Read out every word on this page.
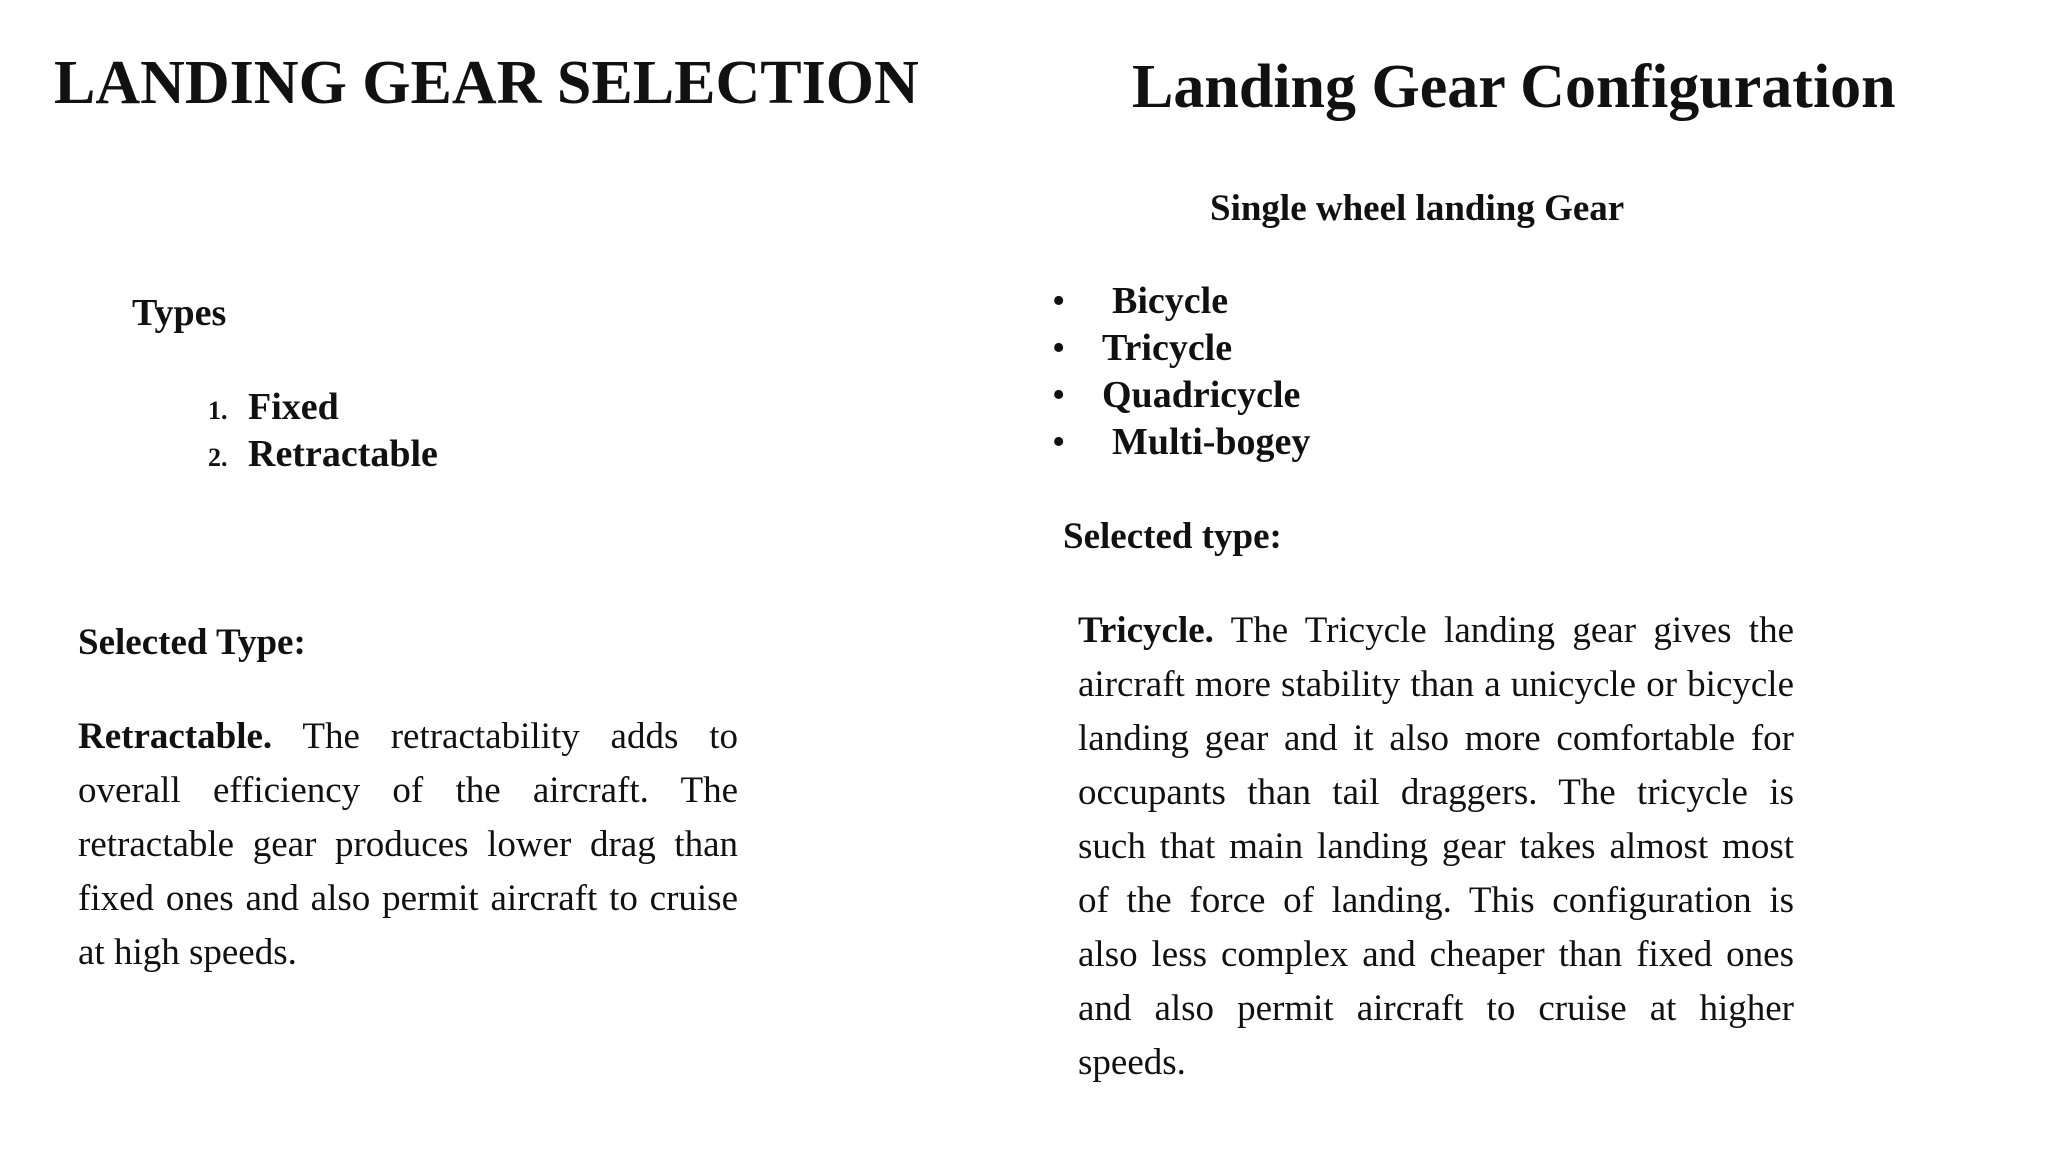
LANDING GEAR SELECTION
Types
1. Fixed
2. Retractable
Selected Type:
Retractable. The retractability adds to overall efficiency of the aircraft. The retractable gear produces lower drag than fixed ones and also permit aircraft to cruise at high speeds.
Landing Gear Configuration
Single wheel landing Gear
• Bicycle
• Tricycle
• Quadricycle
• Multi-bogey
Selected type:
Tricycle. The Tricycle landing gear gives the aircraft more stability than a unicycle or bicycle landing gear and it also more comfortable for occupants than tail draggers. The tricycle is such that main landing gear takes almost most of the force of landing. This configuration is also less complex and cheaper than fixed ones and also permit aircraft to cruise at higher speeds.
